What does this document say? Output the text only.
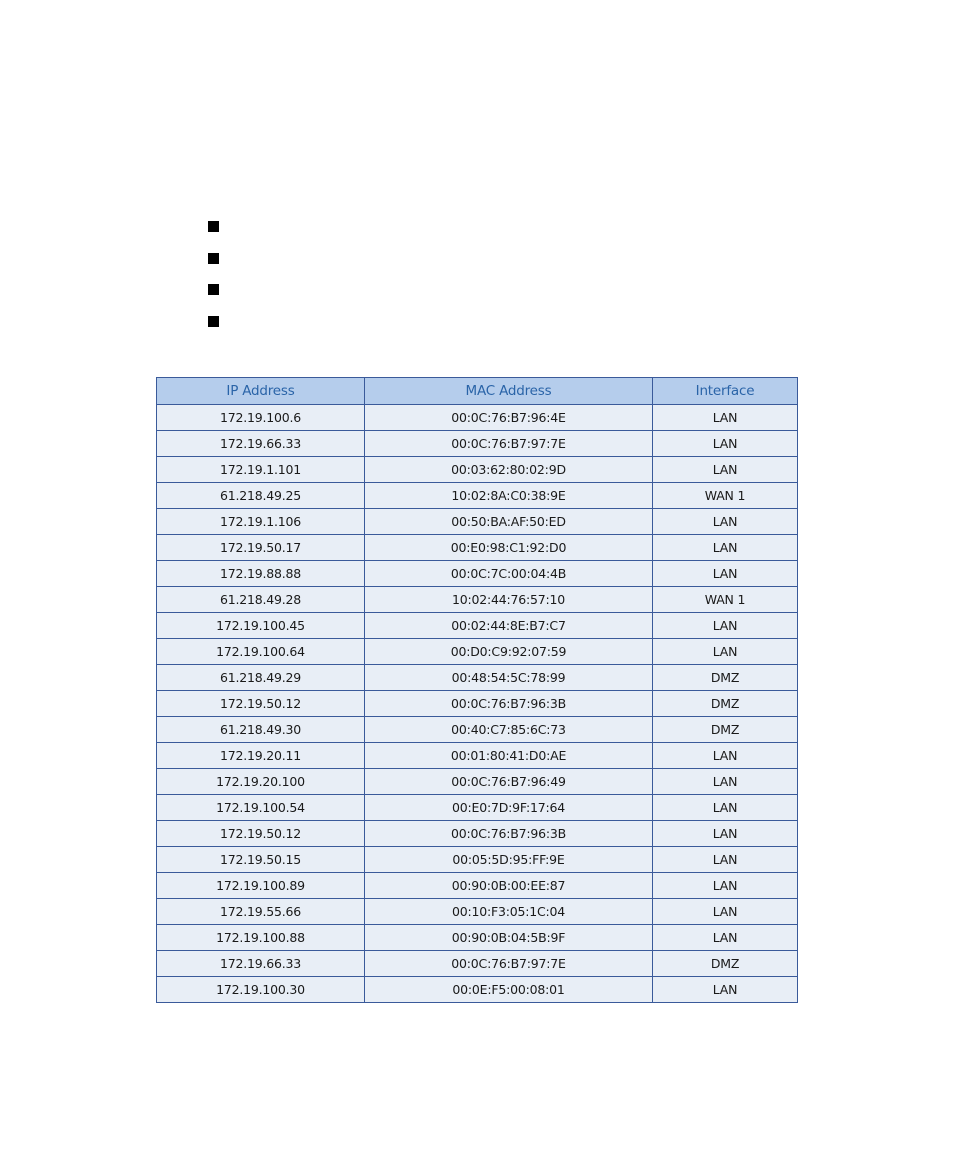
IP Address	MAC Address	Interface
172.19.100.6	00:0C:76:B7:96:4E	LAN
172.19.66.33	00:0C:76:B7:97:7E	LAN
172.19.1.101	00:03:62:80:02:9D	LAN
61.218.49.25	10:02:8A:C0:38:9E	WAN 1
172.19.1.106	00:50:BA:AF:50:ED	LAN
172.19.50.17	00:E0:98:C1:92:D0	LAN
172.19.88.88	00:0C:7C:00:04:4B	LAN
61.218.49.28	10:02:44:76:57:10	WAN 1
172.19.100.45	00:02:44:8E:B7:C7	LAN
172.19.100.64	00:D0:C9:92:07:59	LAN
61.218.49.29	00:48:54:5C:78:99	DMZ
172.19.50.12	00:0C:76:B7:96:3B	DMZ
61.218.49.30	00:40:C7:85:6C:73	DMZ
172.19.20.11	00:01:80:41:D0:AE	LAN
172.19.20.100	00:0C:76:B7:96:49	LAN
172.19.100.54	00:E0:7D:9F:17:64	LAN
172.19.50.12	00:0C:76:B7:96:3B	LAN
172.19.50.15	00:05:5D:95:FF:9E	LAN
172.19.100.89	00:90:0B:00:EE:87	LAN
172.19.55.66	00:10:F3:05:1C:04	LAN
172.19.100.88	00:90:0B:04:5B:9F	LAN
172.19.66.33	00:0C:76:B7:97:7E	DMZ
172.19.100.30	00:0E:F5:00:08:01	LAN
